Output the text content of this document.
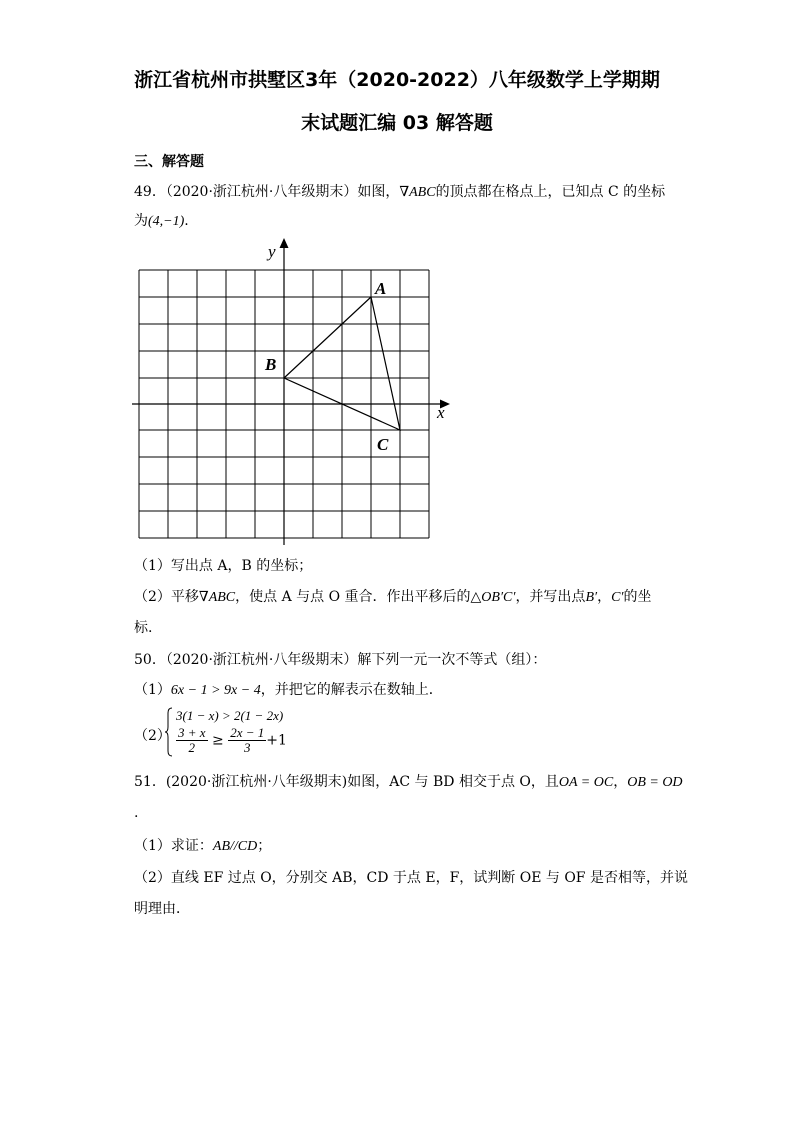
浙江省杭州市拱墅区3年（2020-2022）八年级数学上学期期
末试题汇编 03 解答题
三、解答题
49．（2020·浙江杭州·八年级期末）如图，∇ABC的顶点都在格点上，已知点 C 的坐标
为(4,−1).
y
x
A
B
C
（1）写出点 A，B 的坐标；
（2）平移∇ABC，使点 A 与点 O 重合．作出平移后的△OB′C′，并写出点B′，C′的坐
标.
50．（2020·浙江杭州·八年级期末）解下列一元一次不等式（组）：
（1）6x − 1 > 9x − 4，并把它的解表示在数轴上．
（2）
3(1 − x) > 2(1 − 2x)
$\frac{3 + x}{2} \ge \frac{2x - 1}{3} +1$
51．(2020·浙江杭州·八年级期末)如图，AC 与 BD 相交于点 O，且OA = OC，OB = OD
.
（1）求证：AB//CD；
（2）直线 EF 过点 O，分别交 AB，CD 于点 E，F，试判断 OE 与 OF 是否相等，并说
明理由．
